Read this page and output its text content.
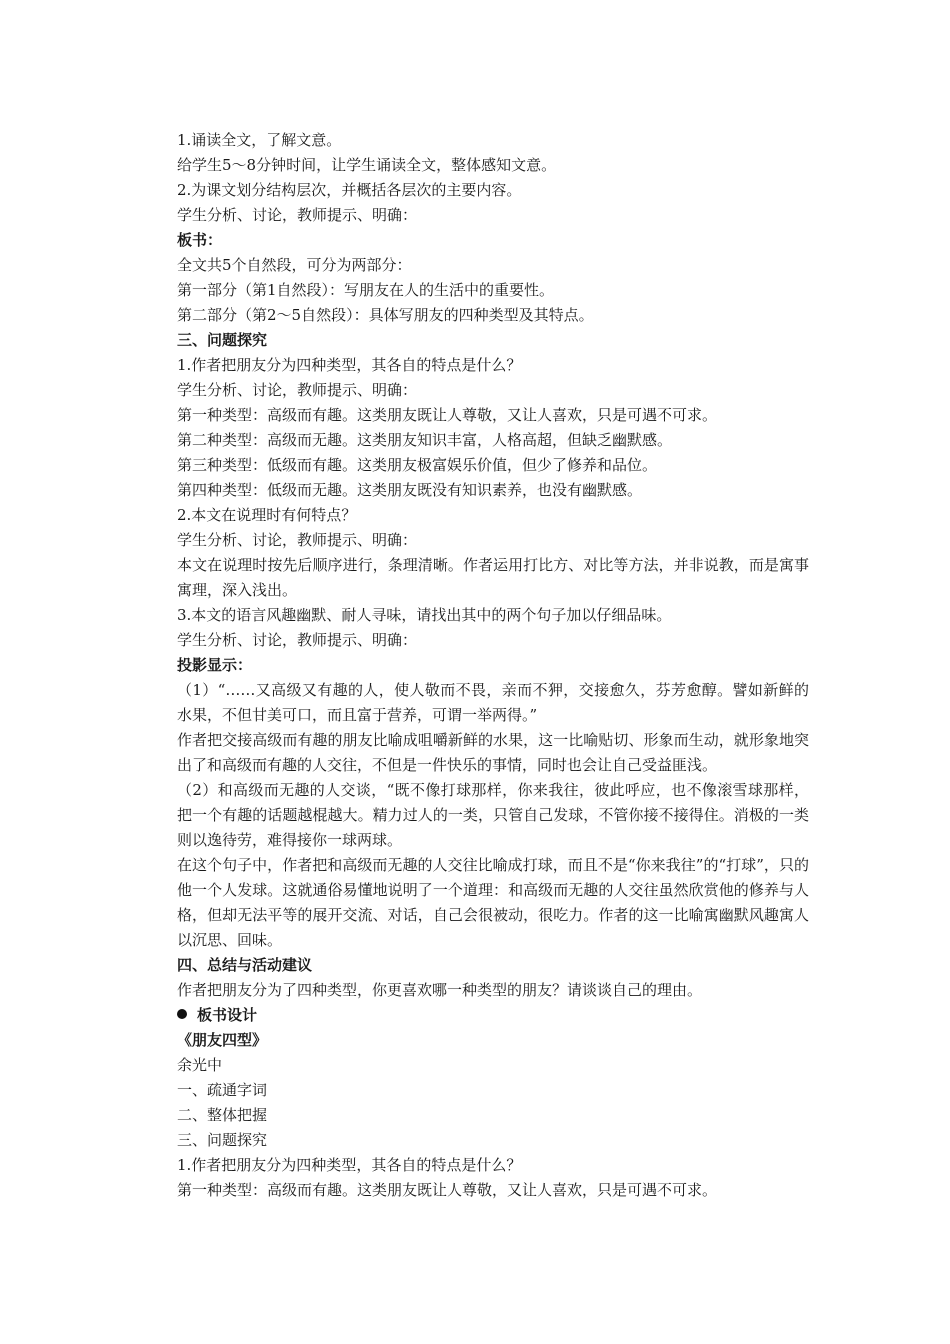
1.诵读全文，了解文意。
给学生5～8分钟时间，让学生诵读全文，整体感知文意。
2.为课文划分结构层次，并概括各层次的主要内容。
学生分析、讨论，教师提示、明确：
板书：
全文共5个自然段，可分为两部分：
第一部分（第1自然段）：写朋友在人的生活中的重要性。
第二部分（第2～5自然段）：具体写朋友的四种类型及其特点。
三、问题探究
1.作者把朋友分为四种类型，其各自的特点是什么？
学生分析、讨论，教师提示、明确：
第一种类型：高级而有趣。这类朋友既让人尊敬，又让人喜欢，只是可遇不可求。
第二种类型：高级而无趣。这类朋友知识丰富，人格高超，但缺乏幽默感。
第三种类型：低级而有趣。这类朋友极富娱乐价值，但少了修养和品位。
第四种类型：低级而无趣。这类朋友既没有知识素养，也没有幽默感。
2.本文在说理时有何特点？
学生分析、讨论，教师提示、明确：
本文在说理时按先后顺序进行，条理清晰。作者运用打比方、对比等方法，并非说教，而是寓事寓理，深入浅出。
3.本文的语言风趣幽默、耐人寻味，请找出其中的两个句子加以仔细品味。
学生分析、讨论，教师提示、明确：
投影显示：
（1）“……又高级又有趣的人，使人敬而不畏，亲而不狎，交接愈久，芬芳愈醇。譬如新鲜的水果，不但甘美可口，而且富于营养，可谓一举两得。”
作者把交接高级而有趣的朋友比喻成咀嚼新鲜的水果，这一比喻贴切、形象而生动，就形象地突出了和高级而有趣的人交往，不但是一件快乐的事情，同时也会让自己受益匪浅。
（2）和高级而无趣的人交谈，“既不像打球那样，你来我往，彼此呼应，也不像滚雪球那样，把一个有趣的话题越棍越大。精力过人的一类，只管自己发球，不管你接不接得住。消极的一类则以逸待劳，难得接你一球两球。
在这个句子中，作者把和高级而无趣的人交往比喻成打球，而且不是“你来我往”的“打球”，只的他一个人发球。这就通俗易懂地说明了一个道理：和高级而无趣的人交往虽然欣赏他的修养与人格，但却无法平等的展开交流、对话，自己会很被动，很吃力。作者的这一比喻寓幽默风趣寓人以沉思、回味。
四、总结与活动建议
作者把朋友分为了四种类型，你更喜欢哪一种类型的朋友？请谈谈自己的理由。
板书设计
《朋友四型》
余光中
一、疏通字词
二、整体把握
三、问题探究
1.作者把朋友分为四种类型，其各自的特点是什么？
第一种类型：高级而有趣。这类朋友既让人尊敬，又让人喜欢，只是可遇不可求。
